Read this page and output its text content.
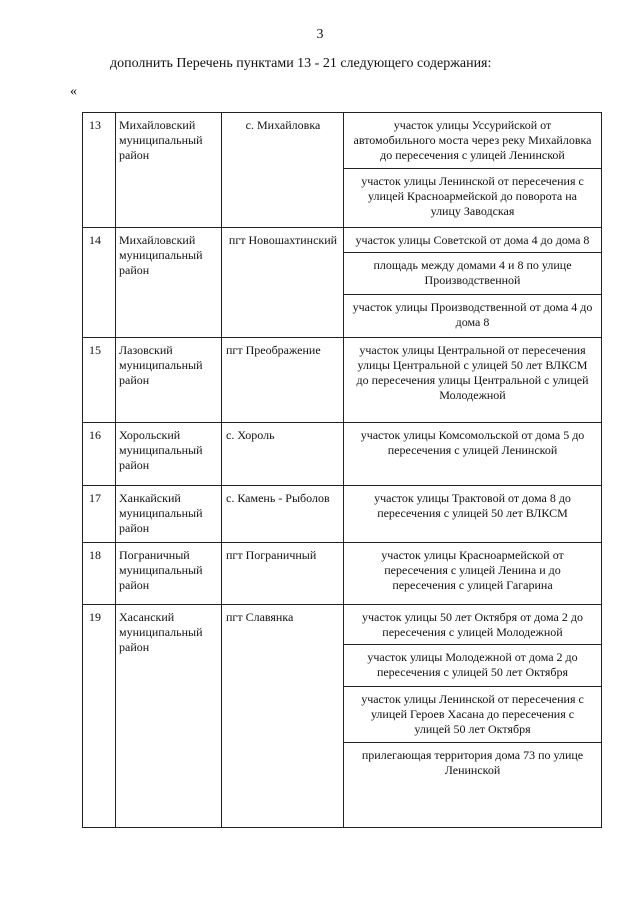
3
дополнить Перечень пунктами 13 - 21 следующего содержания:
«
13	Михайловский муниципальный район	с. Михайловка	участок улицы Уссурийской от автомобильного моста через реку Михайловка до пересечения с улицей Ленинской
участок улицы Ленинской от пересечения с улицей Красноармейской до поворота на улицу Заводская

14	Михайловский муниципальный район	пгт Новошахтинский	участок улицы Советской от дома 4 до дома 8
площадь между домами 4 и 8 по улице Производственной
участок улицы Производственной от дома 4 до дома 8

15	Лазовский муниципальный район	пгт Преображение	участок улицы Центральной от пересечения улицы Центральной с улицей 50 лет ВЛКСМ до пересечения улицы Центральной с улицей Молодежной

16	Хорольский муниципальный район	с. Хороль	участок улицы Комсомольской от дома 5 до пересечения с улицей Ленинской

17	Ханкайский муниципальный район	с. Камень - Рыболов	участок улицы Трактовой от дома 8 до пересечения с улицей 50 лет ВЛКСМ

18	Пограничный муниципальный район	пгт Пограничный	участок улицы Красноармейской от пересечения с улицей Ленина и до пересечения с улицей Гагарина

19	Хасанский муниципальный район	пгт Славянка	участок улицы 50 лет Октября от дома 2 до пересечения с улицей Молодежной
участок улицы Молодежной от дома 2 до пересечения с улицей 50 лет Октября
участок улицы Ленинской от пересечения с улицей Героев Хасана до пересечения с улицей 50 лет Октября
прилегающая территория дома 73 по улице Ленинской
